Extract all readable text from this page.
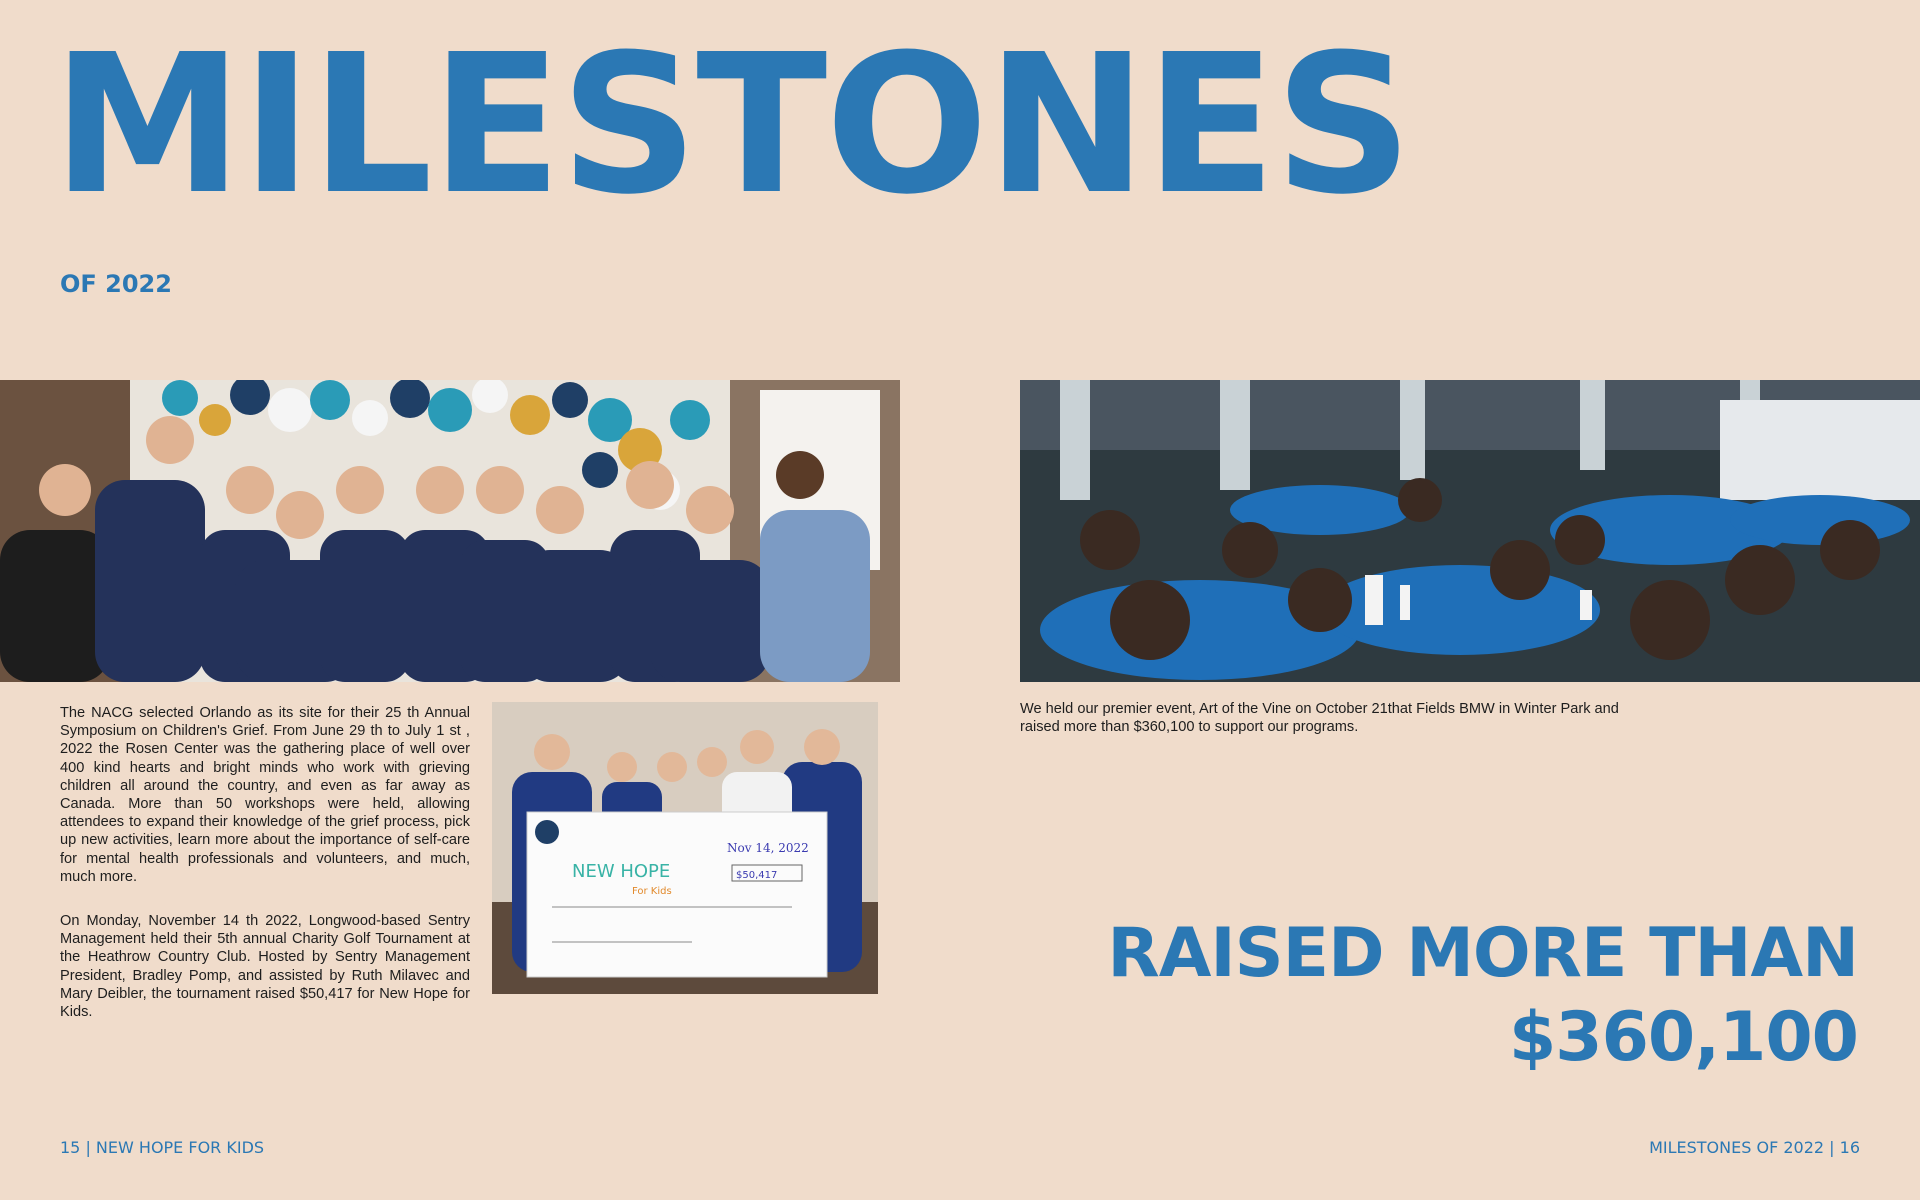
MILESTONES
OF 2022
NEW HOPE
For Kids
Nov 14, 2022
$50,417
The NACG selected Orlando as its site for their 25 th Annual Symposium on Children's Grief. From June 29 th to July 1 st , 2022 the Rosen Center was the gathering place of well over 400 kind hearts and bright minds who work with grieving children all around the country, and even as far away as Canada. More than 50 workshops were held, allowing attendees to expand their knowledge of the grief process, pick up new activities, learn more about the importance of self-care for mental health professionals and volunteers, and much, much more.
On Monday, November 14 th 2022, Longwood-based Sentry Management held their 5th annual Charity Golf Tournament at the Heathrow Country Club. Hosted by Sentry Management President, Bradley Pomp, and assisted by Ruth Milavec and Mary Deibler, the tournament raised $50,417 for New Hope for Kids.
We held our premier event, Art of the Vine on October 21that Fields BMW in Winter Park and raised more than $360,100 to support our programs.
RAISED MORE THAN
$360,100
15 | NEW HOPE FOR KIDS	MILESTONES OF 2022 | 16
